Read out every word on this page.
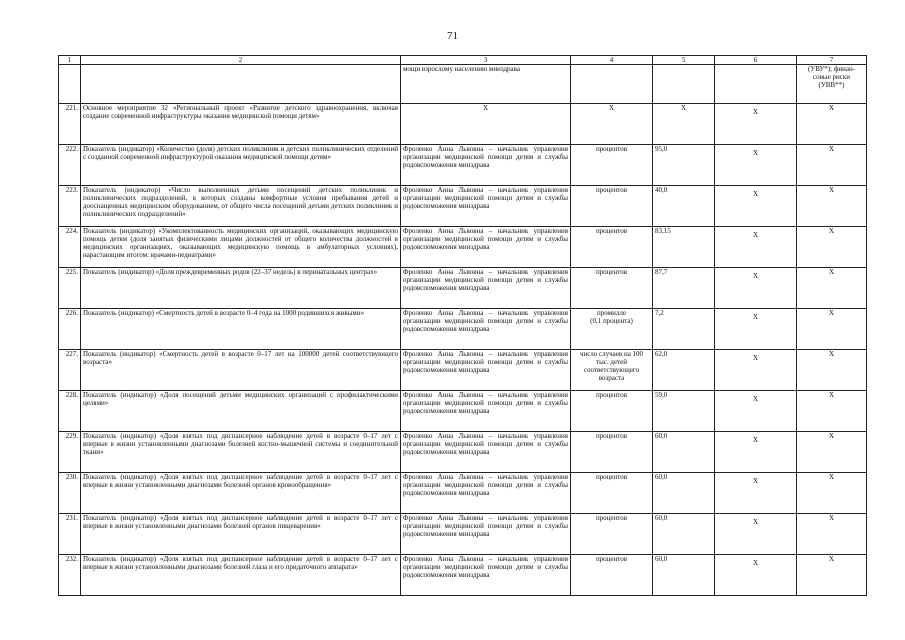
71
1	2	3	4	5	6	7
		мощи взрослому населению минздрава				(УВУ*); финан-
совые риски
(УВВ**)
221.	Основное мероприятие 32 «Региональный проект «Развитие детского здравоохранения, включая создание современной инфраструктуры оказания медицинской помощи детям»	X	X	X	X	X
222.	Показатель (индикатор) «Количество (доля) детских поликлиник и детских поликлинических отделений с созданной современной инфраструктурой оказания медицинской помощи детям»	Фроленко Анна Львовна – начальник управления организации медицинской помощи детям и службы родовспоможения минздрава	процентов	95,0	X	X
223.	Показатель (индикатор) «Число выполненных детьми посещений детских поликлиник и поликлинических подразделений, в которых созданы комфортные условия пребывания детей и дооснащенных медицинским оборудованием, от общего числа посещений детьми детских поликлиник и поликлинических подразделений»	Фроленко Анна Львовна – начальник управления организации медицинской помощи детям и службы родовспоможения минздрава	процентов	40,0	X	X
224.	Показатель (индикатор) «Укомплектованность медицинских организаций, оказывающих медицинскую помощь детям (доля занятых физическими лицами должностей от общего количества должностей в медицинских организациях, оказывающих медицинскую помощь в амбулаторных условиях), нарастающим итогом: врачами-педиатрами»	Фроленко Анна Львовна – начальник управления организации медицинской помощи детям и службы родовспоможения минздрава	процентов	83,15	X	X
225.	Показатель (индикатор) «Доля преждевременных родов (22–37 недель) в перинатальных центрах»	Фроленко Анна Львовна – начальник управления организации медицинской помощи детям и службы родовспоможения минздрава	процентов	87,7	X	X
226.	Показатель (индикатор) «Смертность детей в возрасте 0–4 года на 1000 родившихся живыми»	Фроленко Анна Львовна – начальник управления организации медицинской помощи детям и службы родовспоможения минздрава	промилле
(0,1 процента)	7,2	X	X
227.	Показатель (индикатор) «Смертность детей в возрасте 0–17 лет на 100000 детей соответствующего возраста»	Фроленко Анна Львовна – начальник управления организации медицинской помощи детям и службы родовспоможения минздрава	число случаев на 100 тыс. детей соответствующего возраста	62,0	X	X
228.	Показатель (индикатор) «Доля посещений детьми медицинских организаций с профилактическими целями»	Фроленко Анна Львовна – начальник управления организации медицинской помощи детям и службы родовспоможения минздрава	процентов	59,0	X	X
229.	Показатель (индикатор) «Доля взятых под диспансерное наблюдение детей в возрасте 0–17 лет с впервые в жизни установленными диагнозами болезней костно-мышечной системы и соединительной ткани»	Фроленко Анна Львовна – начальник управления организации медицинской помощи детям и службы родовспоможения минздрава	процентов	60,0	X	X
230.	Показатель (индикатор) «Доля взятых под диспансерное наблюдение детей в возрасте 0–17 лет с впервые в жизни установленными диагнозами болезней органов кровообращения»	Фроленко Анна Львовна – начальник управления организации медицинской помощи детям и службы родовспоможения минздрава	процентов	60,0	X	X
231.	Показатель (индикатор) «Доля взятых под диспансерное наблюдение детей в возрасте 0–17 лет с впервые в жизни установленными диагнозами болезней органов пищеварения»	Фроленко Анна Львовна – начальник управления организации медицинской помощи детям и службы родовспоможения минздрава	процентов	60,0	X	X
232.	Показатель (индикатор) «Доля взятых под диспансерное наблюдение детей в возрасте 0–17 лет с впервые в жизни установленными диагнозами болезней глаза и его придаточного аппарата»	Фроленко Анна Львовна – начальник управления организации медицинской помощи детям и службы родовспоможения минздрава	процентов	60,0	X	X
